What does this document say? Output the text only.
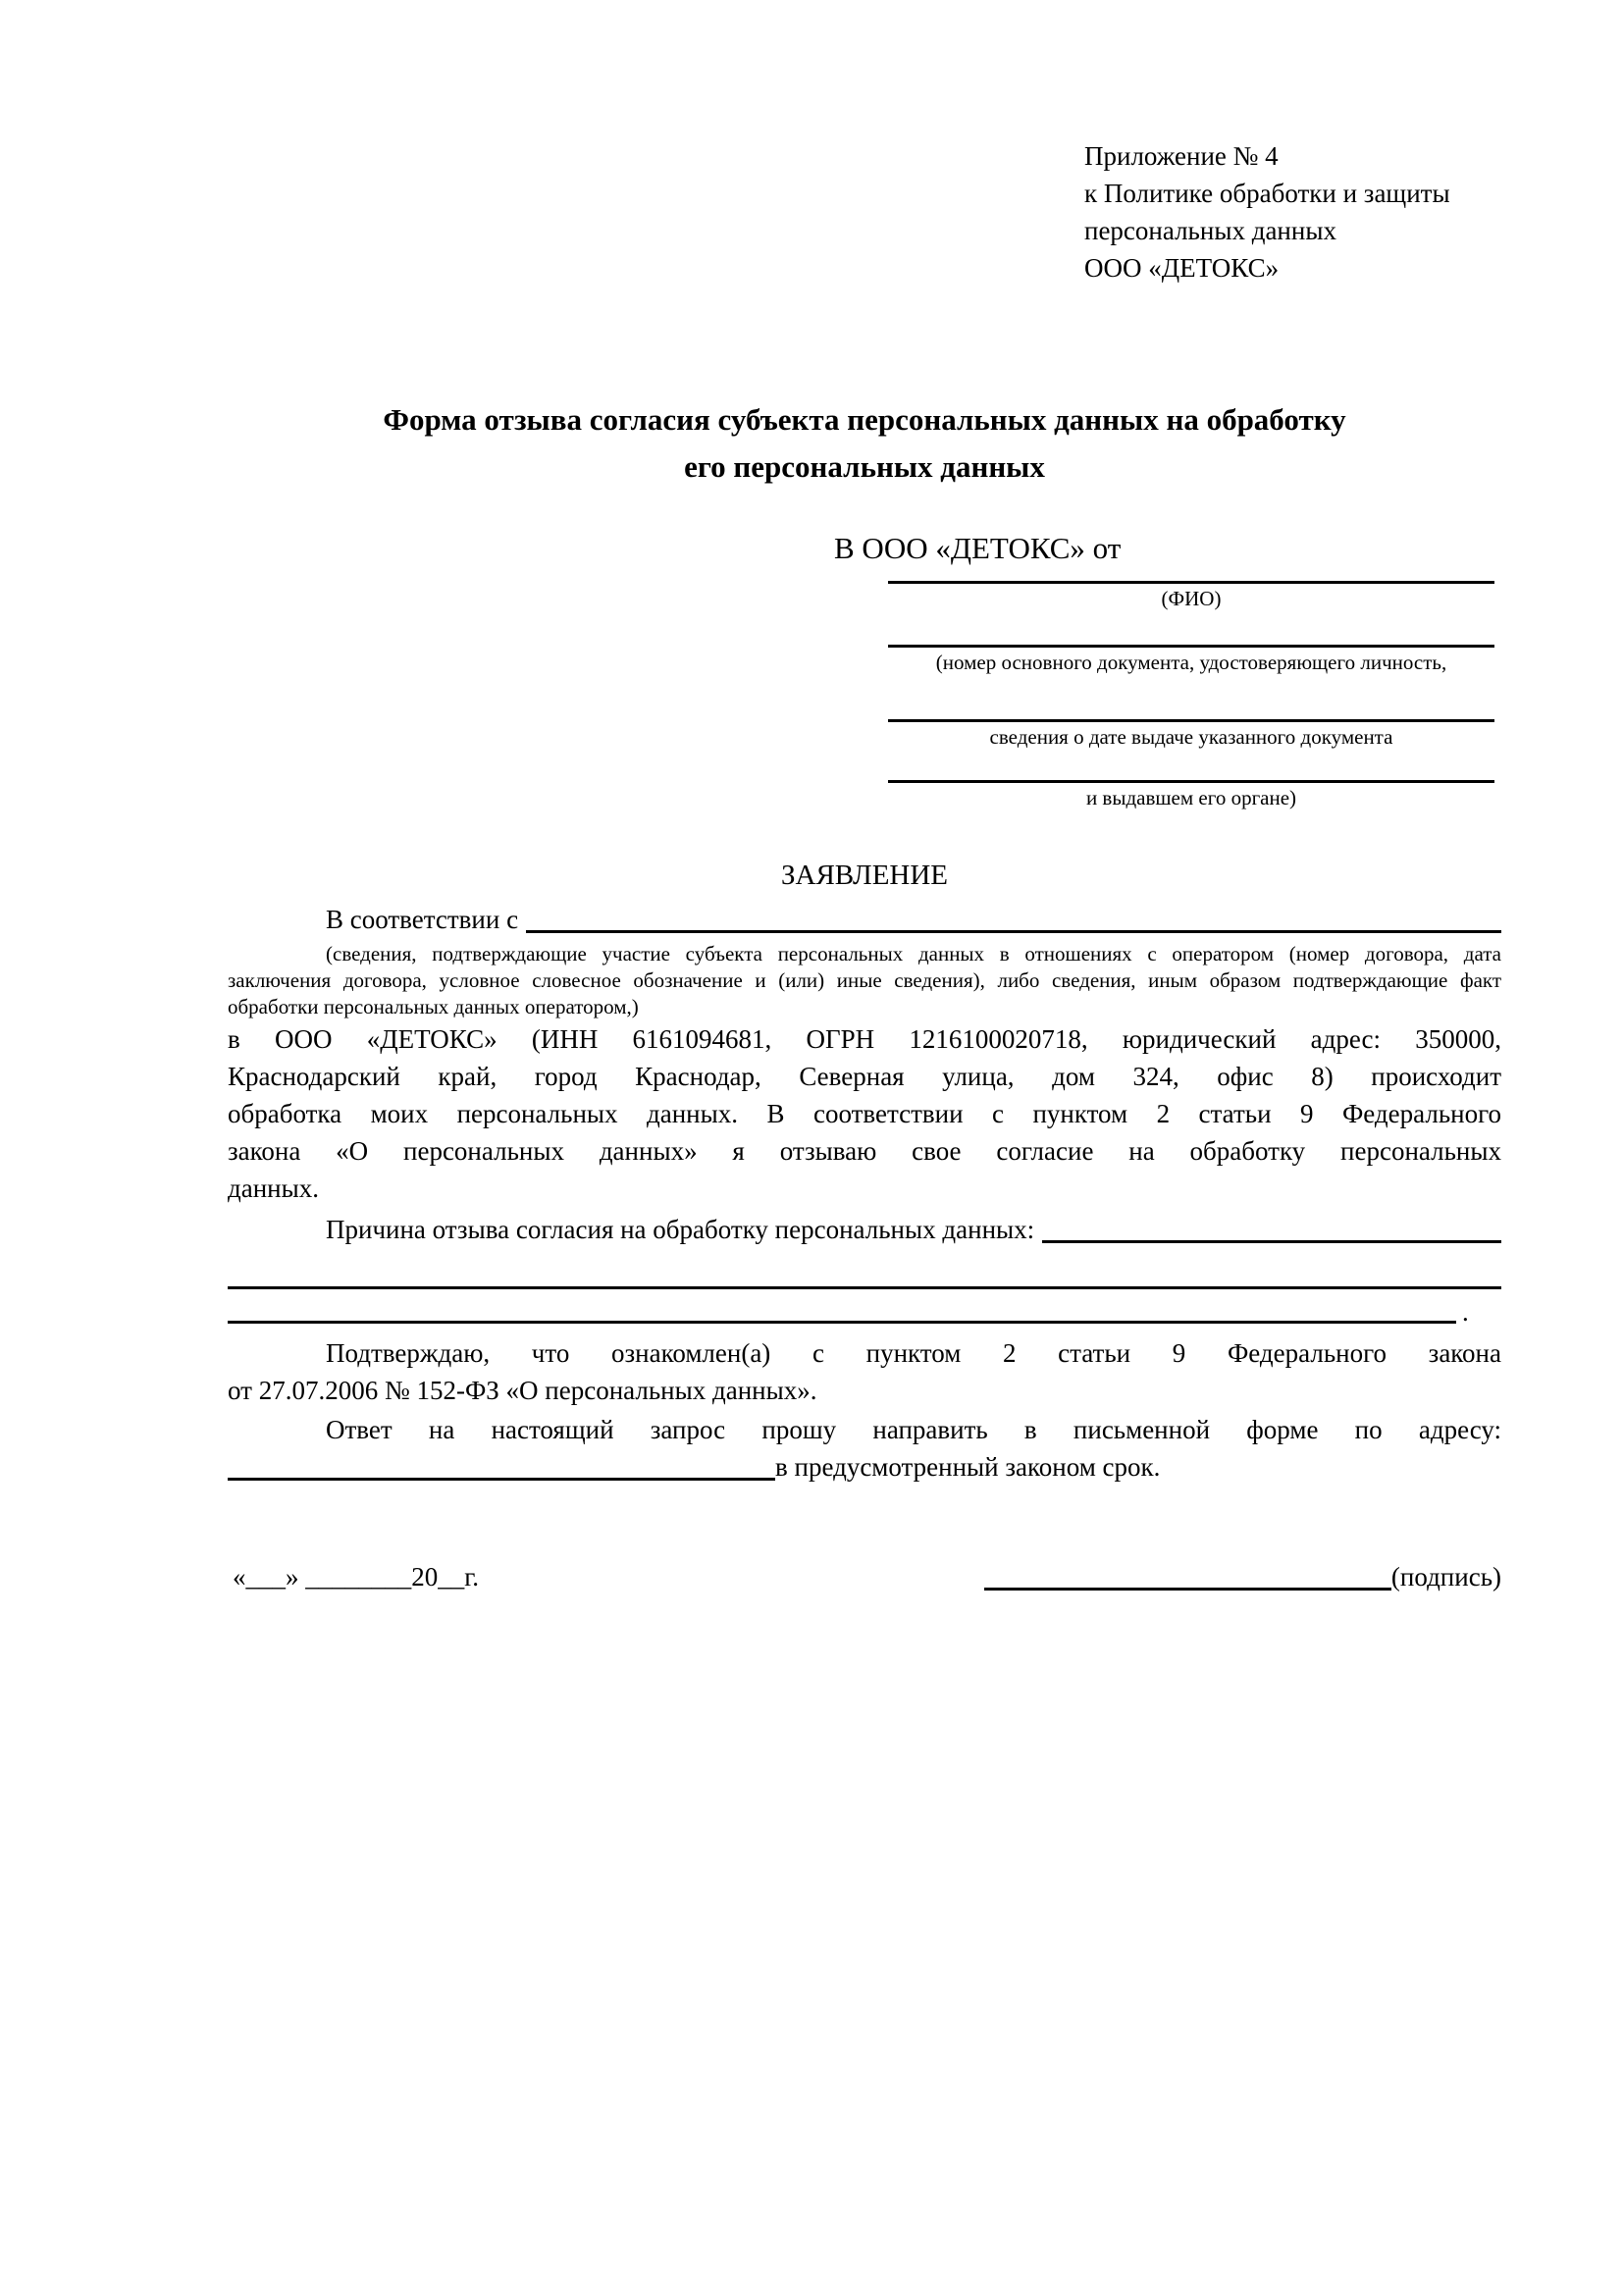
Приложение № 4
к Политике обработки и защиты
персональных данных
ООО «ДЕТОКС»
Форма отзыва согласия субъекта персональных данных на обработку
его персональных данных
В ООО «ДЕТОКС» от
(ФИО)
(номер основного документа, удостоверяющего личность,
сведения о дате выдаче указанного документа
и выдавшем его органе)
ЗАЯВЛЕНИЕ
В соответствии с
(сведения, подтверждающие участие субъекта персональных данных в отношениях с оператором (номер договора, дата
заключения договора, условное словесное обозначение и (или) иные сведения), либо сведения, иным образом подтверждающие факт
обработки персональных данных оператором,)
в ООО «ДЕТОКС» (ИНН 6161094681, ОГРН 1216100020718, юридический адрес: 350000,
Краснодарский край, город Краснодар, Северная улица, дом 324, офис 8) происходит
обработка моих персональных данных. В соответствии с пунктом 2 статьи 9 Федерального
закона «О персональных данных» я отзываю свое согласие на обработку персональных
данных.
Причина отзыва согласия на обработку персональных данных:
.
Подтверждаю, что ознакомлен(а) с пунктом 2 статьи 9 Федерального закона
от 27.07.2006 № 152-ФЗ «О персональных данных».
Ответ на настоящий запрос прошу направить в письменной форме по адресу:
в предусмотренный законом срок.
«___» ________20__г.	(подпись)
